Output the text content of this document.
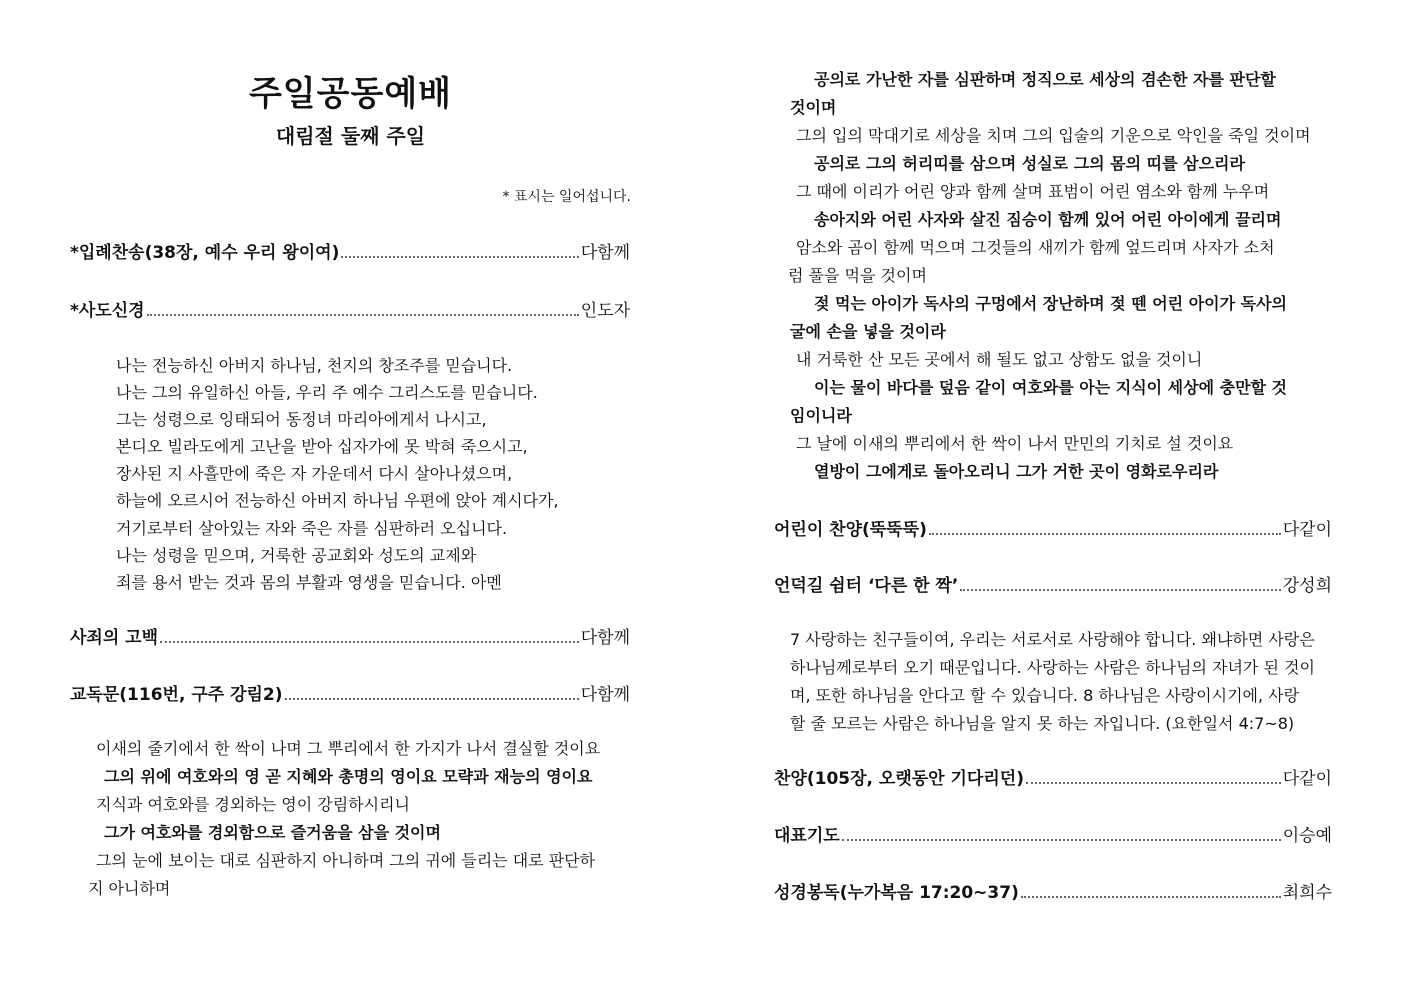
주일공동예배
대림절 둘째 주일
* 표시는 일어섭니다.
*입례찬송(38장, 예수 우리 왕이여)	다함께
*사도신경	인도자
나는 전능하신 아버지 하나님, 천지의 창조주를 믿습니다.
나는 그의 유일하신 아들, 우리 주 예수 그리스도를 믿습니다.
그는 성령으로 잉태되어 동정녀 마리아에게서 나시고,
본디오 빌라도에게 고난을 받아 십자가에 못 박혀 죽으시고,
장사된 지 사흘만에 죽은 자 가운데서 다시 살아나셨으며,
하늘에 오르시어 전능하신 아버지 하나님 우편에 앉아 계시다가,
거기로부터 살아있는 자와 죽은 자를 심판하러 오십니다.
나는 성령을 믿으며, 거룩한 공교회와 성도의 교제와
죄를 용서 받는 것과 몸의 부활과 영생을 믿습니다. 아멘
사죄의 고백	다함께
교독문(116번, 구주 강림2)	다함께
이새의 줄기에서 한 싹이 나며 그 뿌리에서 한 가지가 나서 결실할 것이요
그의 위에 여호와의 영 곧 지혜와 총명의 영이요 모략과 재능의 영이요
지식과 여호와를 경외하는 영이 강림하시리니
그가 여호와를 경외함으로 즐거움을 삼을 것이며
그의 눈에 보이는 대로 심판하지 아니하며 그의 귀에 들리는 대로 판단하
지 아니하며
공의로 가난한 자를 심판하며 정직으로 세상의 겸손한 자를 판단할
것이며
그의 입의 막대기로 세상을 치며 그의 입술의 기운으로 악인을 죽일 것이며
공의로 그의 허리띠를 삼으며 성실로 그의 몸의 띠를 삼으리라
그 때에 이리가 어린 양과 함께 살며 표범이 어린 염소와 함께 누우며
송아지와 어린 사자와 살진 짐승이 함께 있어 어린 아이에게 끌리며
암소와 곰이 함께 먹으며 그것들의 새끼가 함께 엎드리며 사자가 소처
럼 풀을 먹을 것이며
젖 먹는 아이가 독사의 구멍에서 장난하며 젖 뗀 어린 아이가 독사의
굴에 손을 넣을 것이라
내 거룩한 산 모든 곳에서 해 될도 없고 상함도 없을 것이니
이는 물이 바다를 덮음 같이 여호와를 아는 지식이 세상에 충만할 것
임이니라
그 날에 이새의 뿌리에서 한 싹이 나서 만민의 기치로 설 것이요
열방이 그에게로 돌아오리니 그가 거한 곳이 영화로우리라
어린이 찬양(뚝뚝뚝)	다같이
언덕길 쉼터 ‘다른 한 짝’	강성희
7 사랑하는 친구들이여, 우리는 서로서로 사랑해야 합니다. 왜냐하면 사랑은
하나님께로부터 오기 때문입니다. 사랑하는 사람은 하나님의 자녀가 된 것이
며, 또한 하나님을 안다고 할 수 있습니다. 8 하나님은 사랑이시기에, 사랑
할 줄 모르는 사람은 하나님을 알지 못 하는 자입니다. (요한일서 4:7~8)
찬양(105장, 오랫동안 기다리던)	다같이
대표기도	이승예
성경봉독(누가복음 17:20~37)	최희수
